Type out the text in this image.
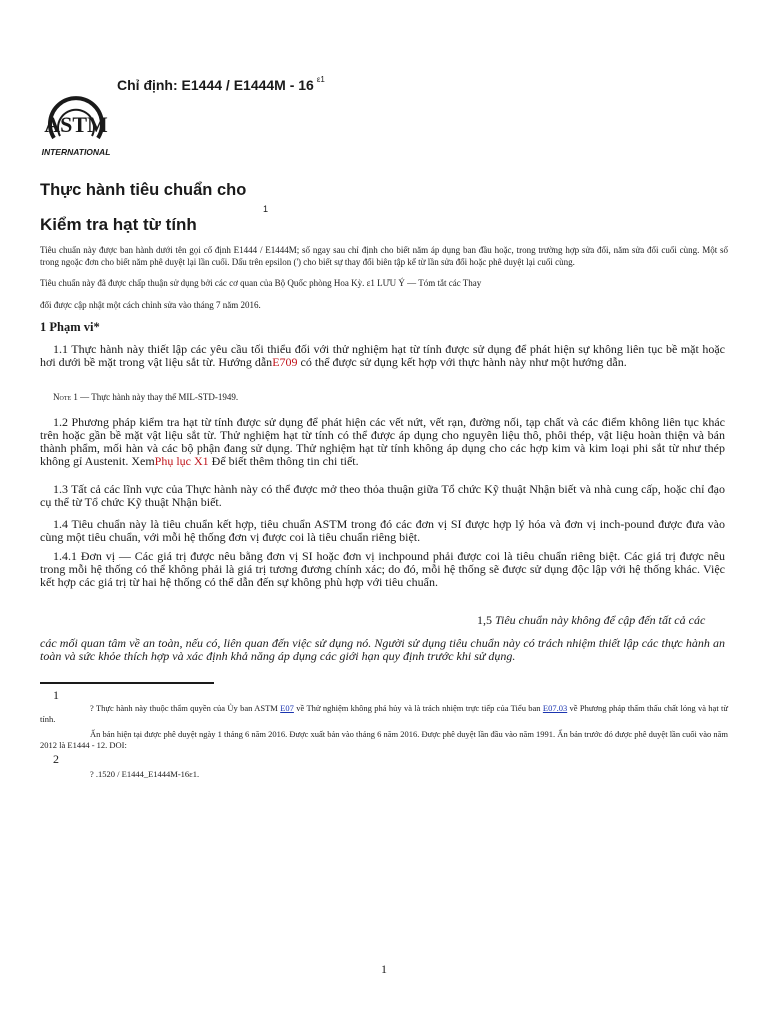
Chỉ định: E1444 / E1444M - 16 $^{\varepsilon 1}$
ASTM
INTERNATIONAL
Thực hành tiêu chuẩn cho
1
Kiểm tra hạt từ tính
Tiêu chuẩn này được ban hành dưới tên gọi cố định E1444 / E1444M; số ngay sau chỉ định cho biết năm áp dụng ban đầu hoặc, trong trường hợp sửa đổi, năm sửa đổi cuối cùng. Một số trong ngoặc đơn cho biết năm phê duyệt lại lần cuối. Dấu trên epsilon (') cho biết sự thay đổi biên tập kể từ lần sửa đổi hoặc phê duyệt lại cuối cùng.
Tiêu chuẩn này đã được chấp thuận sử dụng bởi các cơ quan của Bộ Quốc phòng Hoa Kỳ. ε1 LƯU Ý — Tóm tắt các Thay
đổi được cập nhật một cách chỉnh sửa vào tháng 7 năm 2016.
1 Phạm vi*

1.1 Thực hành này thiết lập các yêu cầu tối thiểu đối với thử nghiệm hạt từ tính được sử dụng để phát hiện sự không liên tục bề mặt hoặc hơi dưới bề mặt trong vật liệu sắt từ. Hướng dẫnE709 có thể được sử dụng kết hợp với thực hành này như một hướng dẫn.

Note 1 — Thực hành này thay thế MIL-STD-1949.

1.2 Phương pháp kiểm tra hạt từ tính được sử dụng để phát hiện các vết nứt, vết rạn, đường nối, tạp chất và các điểm không liên tục khác trên hoặc gần bề mặt vật liệu sắt từ. Thử nghiệm hạt từ tính có thể được áp dụng cho nguyên liệu thô, phôi thép, vật liệu hoàn thiện và bán thành phẩm, mối hàn và các bộ phận đang sử dụng. Thử nghiệm hạt từ tính không áp dụng cho các hợp kim và kim loại phi sắt từ như thép không gỉ Austenit. XemPhụ lục X1 Để biết thêm thông tin chi tiết.

1.3 Tất cả các lĩnh vực của Thực hành này có thể được mở theo thỏa thuận giữa Tổ chức Kỹ thuật Nhận biết và nhà cung cấp, hoặc chỉ đạo cụ thể từ Tổ chức Kỹ thuật Nhận biết.

1.4 Tiêu chuẩn này là tiêu chuẩn kết hợp, tiêu chuẩn ASTM trong đó các đơn vị SI được hợp lý hóa và đơn vị inch-pound được đưa vào cùng một tiêu chuẩn, với mỗi hệ thống đơn vị được coi là tiêu chuẩn riêng biệt.

1.4.1 Đơn vị — Các giá trị được nêu bằng đơn vị SI hoặc đơn vị inchpound phải được coi là tiêu chuẩn riêng biệt. Các giá trị được nêu trong mỗi hệ thống có thể không phải là giá trị tương đương chính xác; do đó, mỗi hệ thống sẽ được sử dụng độc lập với hệ thống khác. Việc kết hợp các giá trị từ hai hệ thống có thể dẫn đến sự không phù hợp với tiêu chuẩn.

1,5 Tiêu chuẩn này không để cập đến tất cả các

các mối quan tâm về an toàn, nếu có, liên quan đến việc sử dụng nó. Người sử dụng tiêu chuẩn này có trách nhiệm thiết lập các thực hành an toàn và sức khỏe thích hợp và xác định khả năng áp dụng các giới hạn quy định trước khi sử dụng.

1
? Thực hành này thuộc thẩm quyền của Ủy ban ASTM E07 về Thử nghiệm không phá hủy và là trách nhiệm trực tiếp của Tiểu ban E07.03 về Phương pháp thấm thấu chất lỏng và hạt từ tính.
Ấn bản hiện tại được phê duyệt ngày 1 tháng 6 năm 2016. Được xuất bản vào tháng 6 năm 2016. Được phê duyệt lần đầu vào năm 1991. Ấn bản trước đó được phê duyệt lần cuối vào năm 2012 là E1444 - 12. DOI:
2
? .1520 / E1444_E1444M-16ε1.
1
